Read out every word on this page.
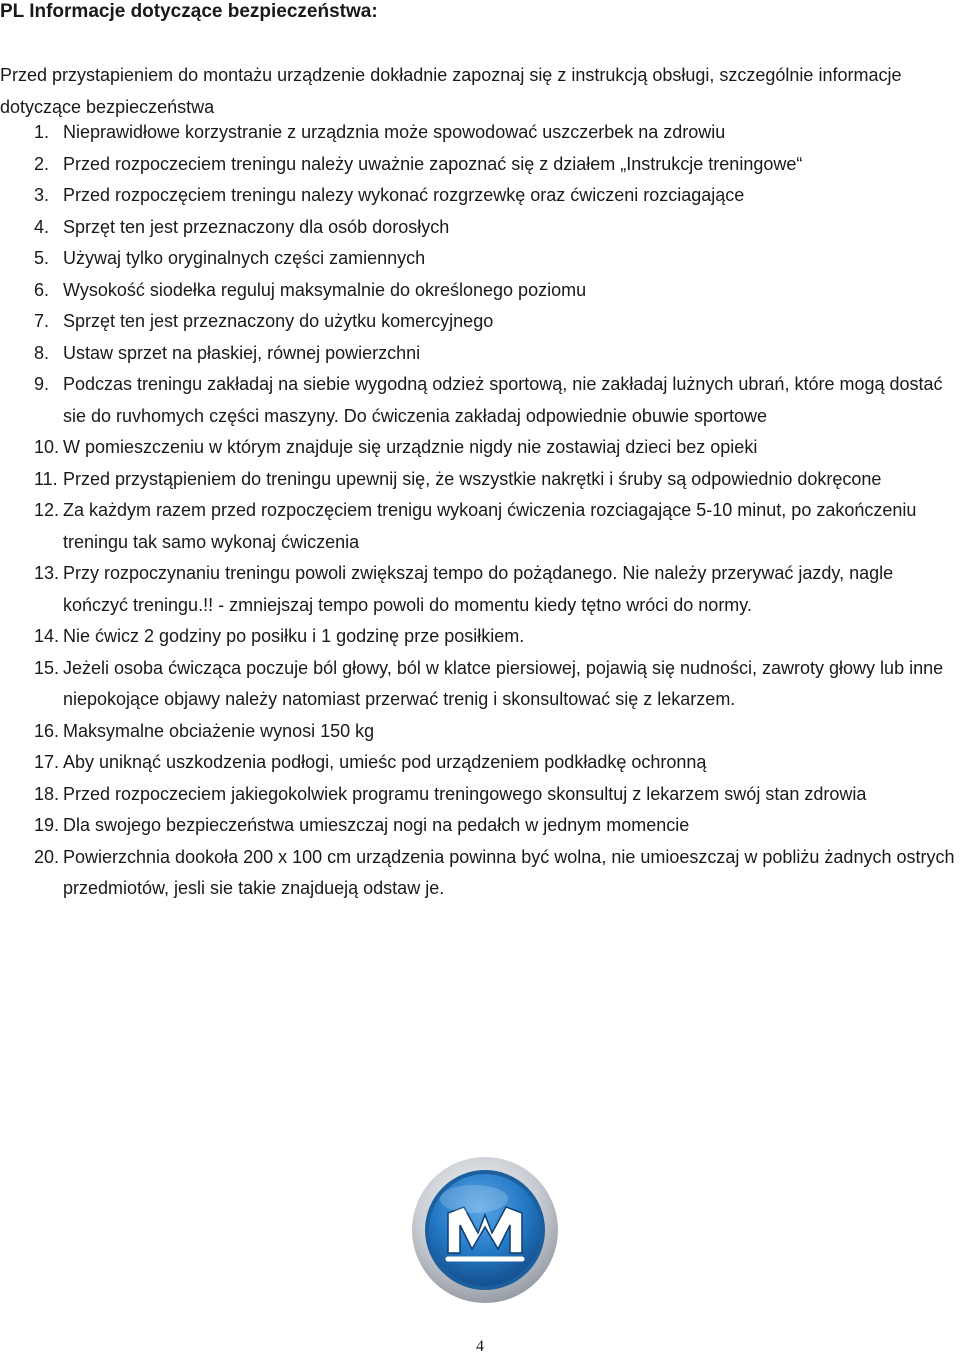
PL Informacje dotyczące bezpieczeństwa:
Przed przystapieniem do montażu urządzenie dokładnie zapoznaj się z instrukcją obsługi, szczególnie informacje dotyczące bezpieczeństwa
1. Nieprawidłowe korzystranie z urządznia może spowodować uszczerbek na zdrowiu
2. Przed rozpoczeciem treningu należy uważnie zapoznać się z działem „Instrukcje treningowe“
3. Przed rozpoczęciem treningu nalezy wykonać rozgrzewkę oraz ćwiczeni rozciagające
4. Sprzęt ten jest przeznaczony dla osób dorosłych
5. Używaj tylko oryginalnych części zamiennych
6. Wysokość siodełka reguluj maksymalnie do określonego poziomu
7. Sprzęt ten jest przeznaczony do użytku komercyjnego
8. Ustaw sprzet na płaskiej, równej powierzchni
9. Podczas treningu zakładaj na siebie wygodną odzież sportową, nie zakładaj lużnych ubrań, które mogą dostać sie do ruvhomych części maszyny. Do ćwiczenia zakładaj odpowiednie obuwie sportowe
10. W pomieszczeniu w którym znajduje się urządznie nigdy nie zostawiaj dzieci bez opieki
11. Przed przystąpieniem do treningu upewnij się, że wszystkie nakrętki i śruby są odpowiednio dokręcone
12. Za każdym razem przed rozpoczęciem trenigu wykoanj ćwiczenia rozciagające 5-10 minut, po zakończeniu treningu tak samo wykonaj ćwiczenia
13. Przy rozpoczynaniu treningu powoli zwiększaj tempo do pożądanego. Nie należy przerywać jazdy, nagle kończyć treningu.!! - zmniejszaj tempo powoli do momentu kiedy tętno wróci do normy.
14. Nie ćwicz 2 godziny po posiłku i 1 godzinę prze posiłkiem.
15. Jeżeli osoba ćwicząca poczuje ból głowy, ból w klatce piersiowej, pojawią się nudności, zawroty głowy lub inne niepokojące objawy należy natomiast przerwać trenig i skonsultować się z lekarzem.
16. Maksymalne obciażenie wynosi 150 kg
17. Aby uniknąć uszkodzenia podłogi, umieśc pod urządzeniem podkładkę ochronną
18. Przed rozpoczeciem jakiegokolwiek programu treningowego skonsultuj z lekarzem swój stan zdrowia
19. Dla swojego bezpieczeństwa umieszczaj nogi na pedałch w jednym momencie
20. Powierzchnia dookoła 200 x 100 cm urządzenia powinna być wolna, nie umioeszczaj w pobliżu żadnych ostrych przedmiotów, jesli sie takie znajdueją odstaw je.
4
